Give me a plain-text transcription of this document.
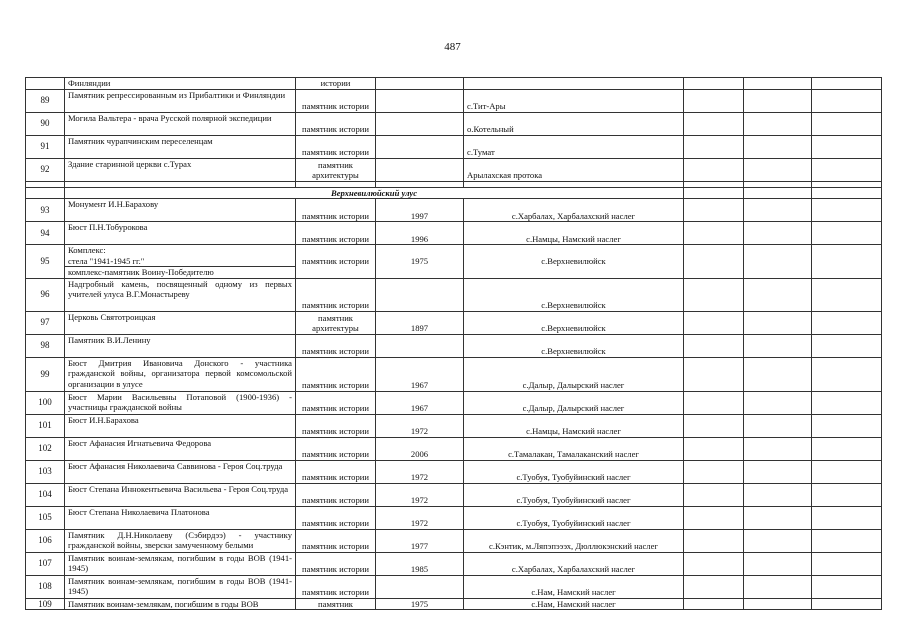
487
	Финляндии	истории					
89	Памятник репрессированным из Прибалтики и Финляндии	памятник истории		с.Тит-Ары			
90	Могила Вальтера - врача Русской полярной экспедиции	памятник истории		о.Котельный			
91	Памятник чурапчинским переселенцам	памятник истории		с.Тумат			
92	Здание старинной церкви с.Турах	памятник архитектуры		Арылахская протока			

	Верхневилюйский улус						
93	Монумент И.Н.Барахову	памятник истории	1997	с.Харбалах, Харбалахский наслег			
94	Бюст П.Н.Тобурокова	памятник истории	1996	с.Намцы, Намский наслег			
95	Комплекс:
стела "1941-1945 гг."
комплекс-памятник Воину-Победителю	памятник истории	1975	с.Верхневилюйск			
96	Надгробный камень, посвященный одному из первых учителей улуса В.Г.Монастыреву	памятник истории		с.Верхневилюйск			
97	Церковь Святотроицкая	памятник архитектуры	1897	с.Верхневилюйск			
98	Памятник В.И.Ленину	памятник истории		с.Верхневилюйск			
99	Бюст Дмитрия Ивановича Донского - участника гражданской войны, организатора первой комсомольской организации в улусе	памятник истории	1967	с.Далыр, Далырский наслег			
100	Бюст Марии Васильевны Потаповой (1900-1936) - участницы гражданской войны	памятник истории	1967	с.Далыр, Далырский наслег			
101	Бюст И.Н.Барахова	памятник истории	1972	с.Намцы, Намский наслег			
102	Бюст Афанасия Игнатьевича Федорова	памятник истории	2006	с.Тамалакан, Тамалаканский наслег			
103	Бюст Афанасия Николаевича Саввинова - Героя Соц.труда	памятник истории	1972	с.Туобуя, Туобуйинский наслег			
104	Бюст Степана Иннокентьевича Васильева - Героя Соц.труда	памятник истории	1972	с.Туобуя, Туобуйинский наслег			
105	Бюст Степана Николаевича Платонова	памятник истории	1972	с.Туобуя, Туобуйинский наслег			
106	Памятник Д.Н.Николаеву (Сэбирдээ) - участнику гражданской войны, зверски замученному белыми	памятник истории	1977	с.Кэнтик, м.Ляпэпэээх, Дюллюкэнский наслег			
107	Памятник воинам-землякам, погибшим в годы ВОВ (1941-1945)	памятник истории	1985	с.Харбалах, Харбалахский наслег			
108	Памятник воинам-землякам, погибшим в годы ВОВ (1941-1945)	памятник истории		с.Нам, Намский наслег			
109	Памятник воинам-землякам, погибшим в годы ВОВ	памятник	1975	с.Нам, Намский наслег			
